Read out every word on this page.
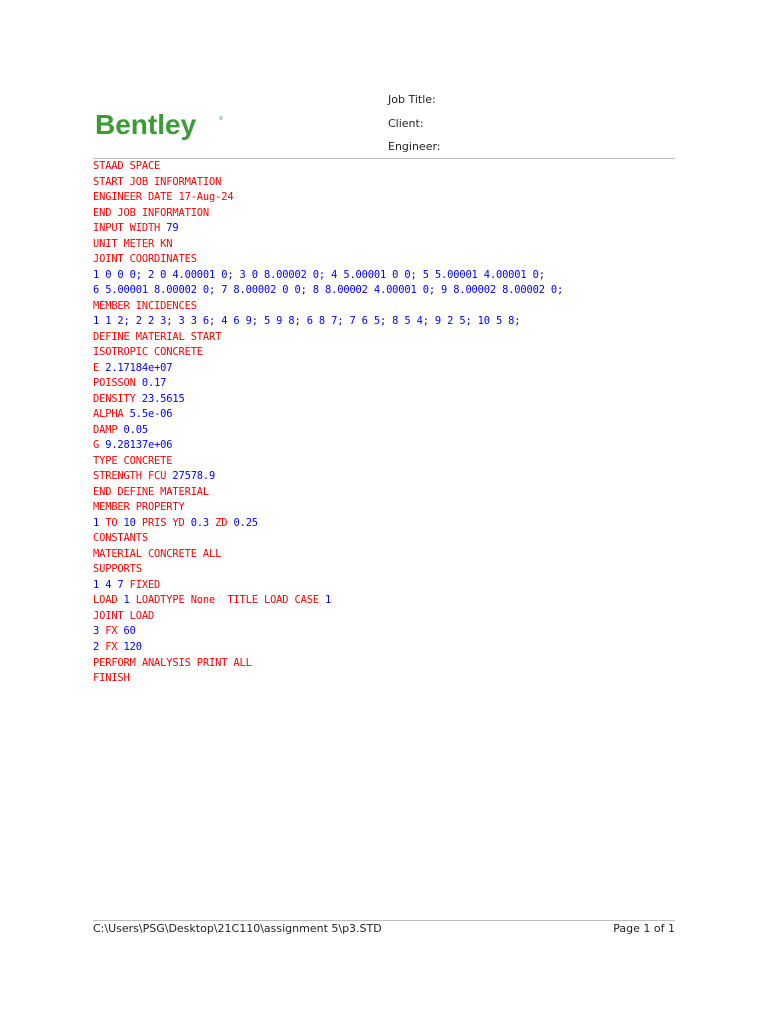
Bentley	®
Job Title:
Client:
Engineer:
STAAD SPACE
START JOB INFORMATION
ENGINEER DATE 17-Aug-24
END JOB INFORMATION
INPUT WIDTH 79
UNIT METER KN
JOINT COORDINATES
1 0 0 0; 2 0 4.00001 0; 3 0 8.00002 0; 4 5.00001 0 0; 5 5.00001 4.00001 0;
6 5.00001 8.00002 0; 7 8.00002 0 0; 8 8.00002 4.00001 0; 9 8.00002 8.00002 0;
MEMBER INCIDENCES
1 1 2; 2 2 3; 3 3 6; 4 6 9; 5 9 8; 6 8 7; 7 6 5; 8 5 4; 9 2 5; 10 5 8;
DEFINE MATERIAL START
ISOTROPIC CONCRETE
E 2.17184e+07
POISSON 0.17
DENSITY 23.5615
ALPHA 5.5e-06
DAMP 0.05
G 9.28137e+06
TYPE CONCRETE
STRENGTH FCU 27578.9
END DEFINE MATERIAL
MEMBER PROPERTY
1 TO 10 PRIS YD 0.3 ZD 0.25
CONSTANTS
MATERIAL CONCRETE ALL
SUPPORTS
1 4 7 FIXED
LOAD 1 LOADTYPE None  TITLE LOAD CASE 1
JOINT LOAD
3 FX 60
2 FX 120
PERFORM ANALYSIS PRINT ALL
FINISH
C:\Users\PSG\Desktop\21C110\assignment 5\p3.STD	Page 1 of 1
